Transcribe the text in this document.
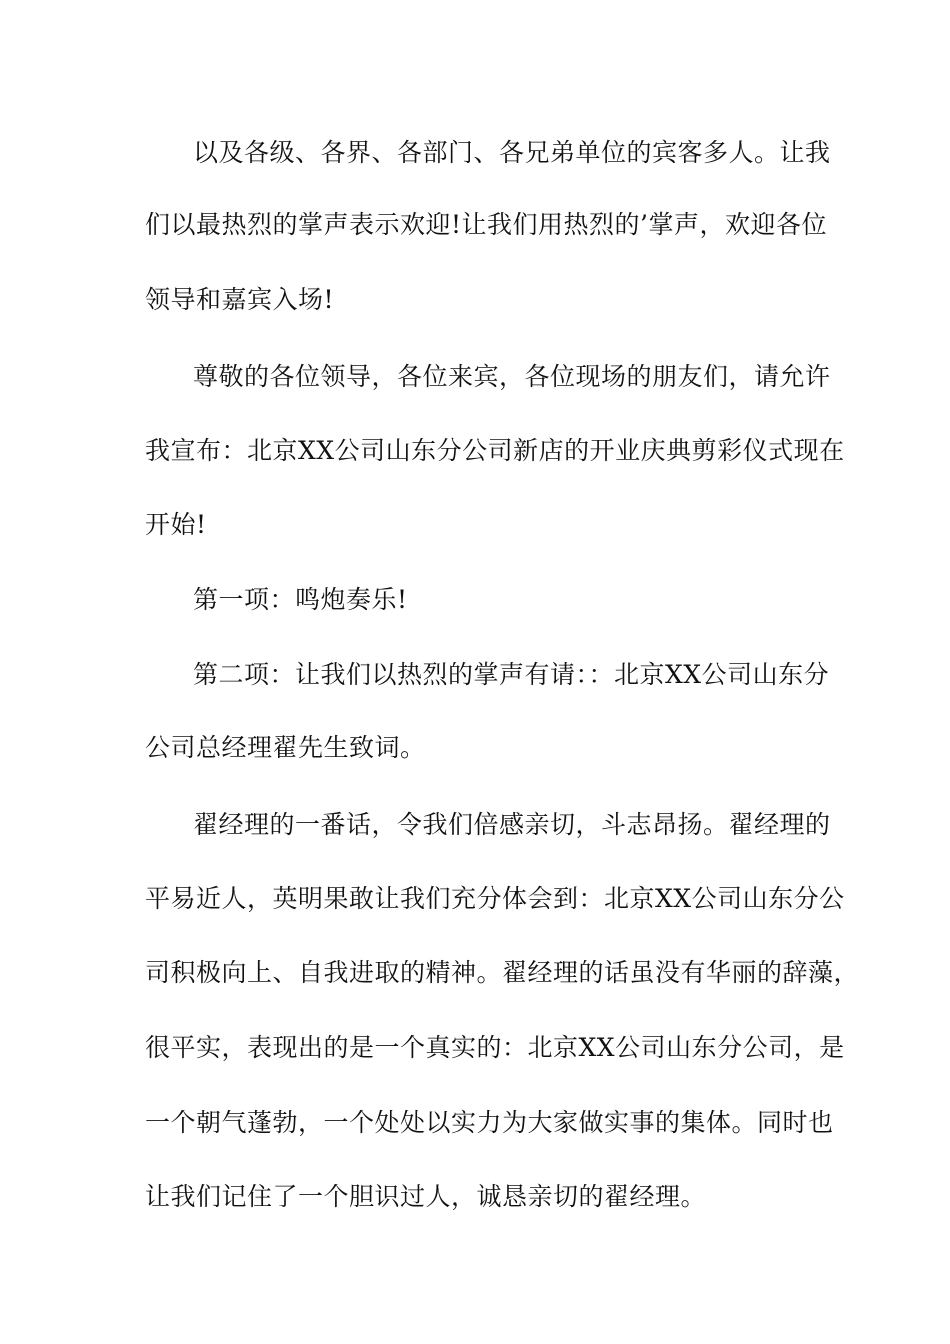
以及各级、各界、各部门、各兄弟单位的宾客多人。让我
们以最热烈的掌声表示欢迎!让我们用热烈的’掌声，欢迎各位
领导和嘉宾入场!
尊敬的各位领导，各位来宾，各位现场的朋友们，请允许
我宣布：北京XX公司山东分公司新店的开业庆典剪彩仪式现在
开始!
第一项：鸣炮奏乐!
第二项：让我们以热烈的掌声有请：：北京XX公司山东分
公司总经理翟先生致词。
翟经理的一番话，令我们倍感亲切，斗志昂扬。翟经理的
平易近人，英明果敢让我们充分体会到：北京XX公司山东分公
司积极向上、自我进取的精神。翟经理的话虽没有华丽的辞藻，
很平实，表现出的是一个真实的：北京XX公司山东分公司，是
一个朝气蓬勃，一个处处以实力为大家做实事的集体。同时也
让我们记住了一个胆识过人，诚恳亲切的翟经理。
